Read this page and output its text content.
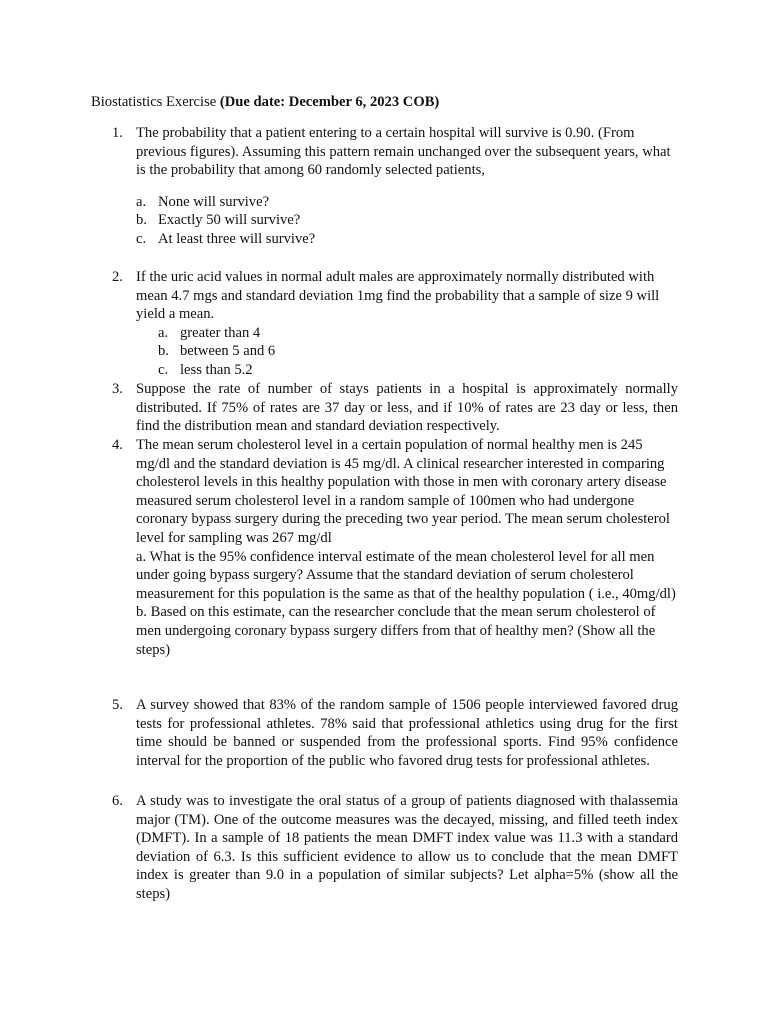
Biostatistics Exercise (Due date: December 6, 2023 COB)
1. The probability that a patient entering to a certain hospital will survive is 0.90. (From previous figures). Assuming this pattern remain unchanged over the subsequent years, what is the probability that among 60 randomly selected patients,
a. None will survive?
b. Exactly 50 will survive?
c. At least three will survive?
2. If the uric acid values in normal adult males are approximately normally distributed with mean 4.7 mgs and standard deviation 1mg find the probability that a sample of size 9 will yield a mean.
a. greater than 4
b. between 5 and 6
c. less than 5.2
3. Suppose the rate of number of stays patients in a hospital is approximately normally distributed. If 75% of rates are 37 day or less, and if 10% of rates are 23 day or less, then find the distribution mean and standard deviation respectively.
4. The mean serum cholesterol level in a certain population of normal healthy men is 245 mg/dl and the standard deviation is 45 mg/dl. A clinical researcher interested in comparing cholesterol levels in this healthy population with those in men with coronary artery disease measured serum cholesterol level in a random sample of 100men who had undergone coronary bypass surgery during the preceding two year period. The mean serum cholesterol level for sampling was 267 mg/dl

a. What is the 95% confidence interval estimate of the mean cholesterol level for all men under going bypass surgery? Assume that the standard deviation of serum cholesterol measurement for this population is the same as that of the healthy population ( i.e., 40mg/dl)

b. Based on this estimate, can the researcher conclude that the mean serum cholesterol of men undergoing coronary bypass surgery differs from that of healthy men? (Show all the steps)

5. A survey showed that 83% of the random sample of 1506 people interviewed favored drug tests for professional athletes. 78% said that professional athletics using drug for the first time should be banned or suspended from the professional sports. Find 95% confidence interval for the proportion of the public who favored drug tests for professional athletes.
6. A study was to investigate the oral status of a group of patients diagnosed with thalassemia major (TM). One of the outcome measures was the decayed, missing, and filled teeth index (DMFT). In a sample of 18 patients the mean DMFT index value was 11.3 with a standard deviation of 6.3. Is this sufficient evidence to allow us to conclude that the mean DMFT index is greater than 9.0 in a population of similar subjects? Let alpha=5% (show all the steps)
